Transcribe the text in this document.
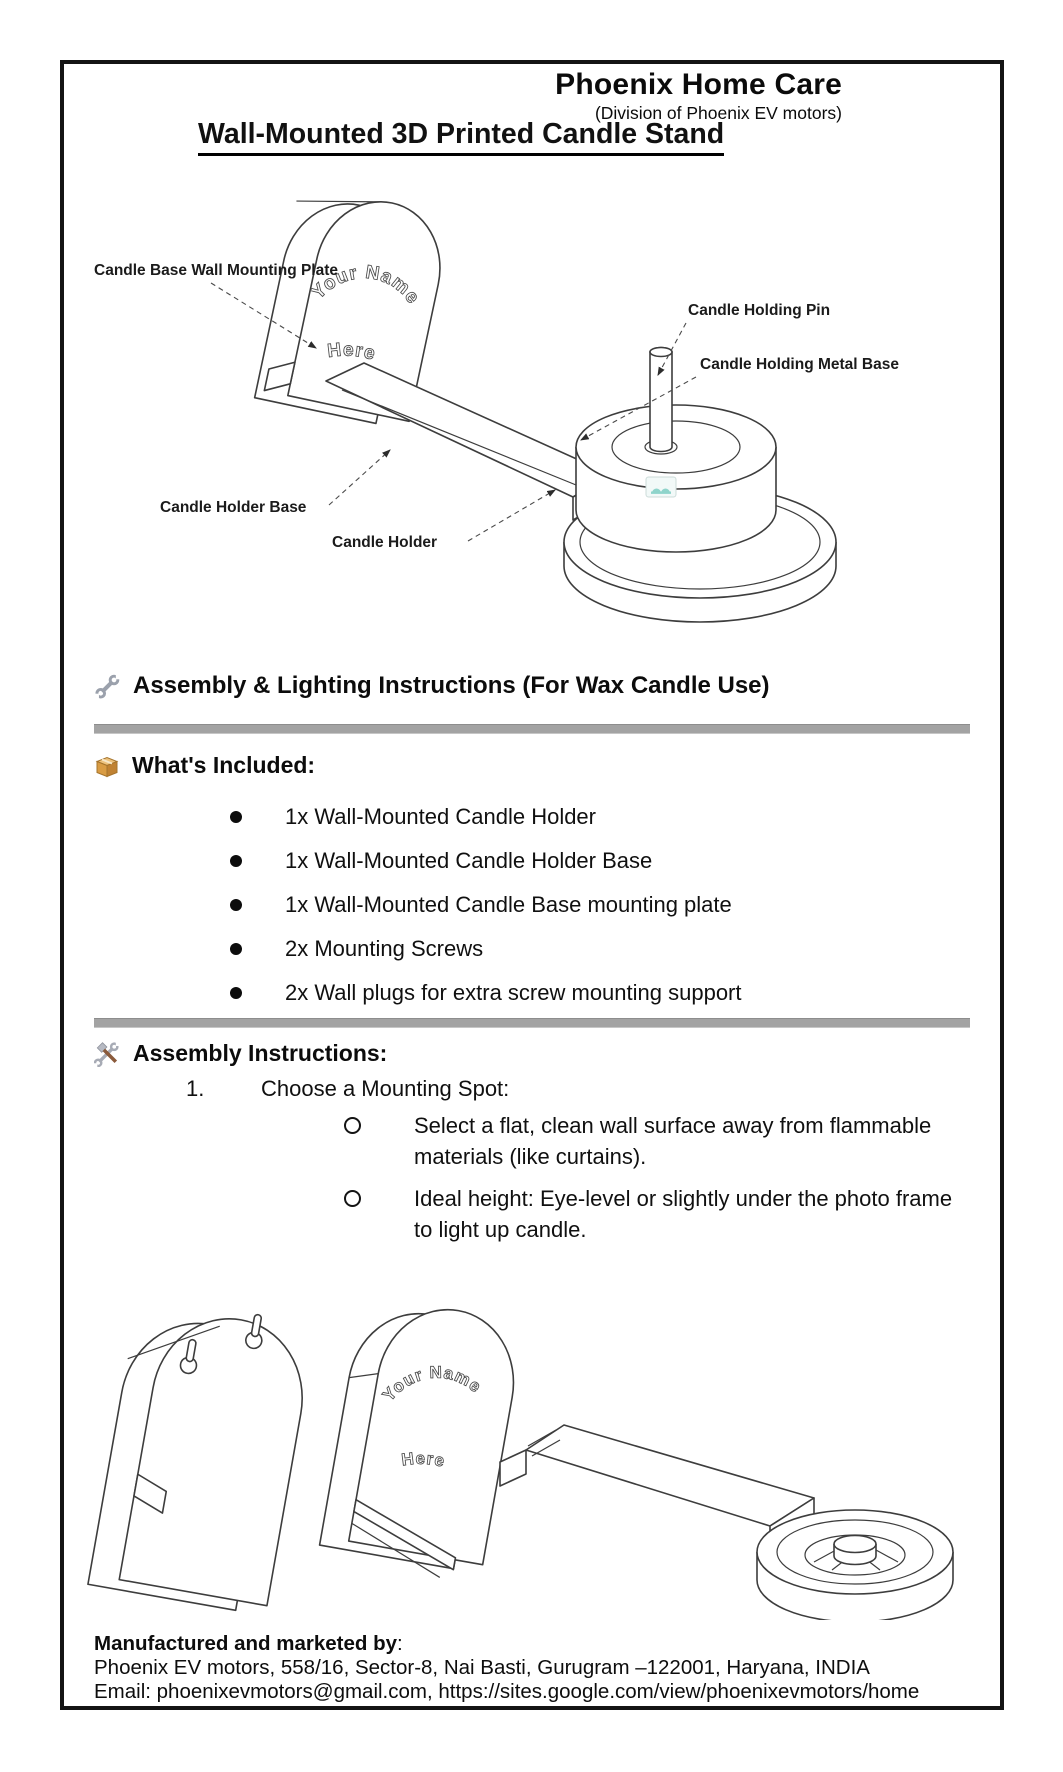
Phoenix Home Care
(Division of Phoenix EV motors)
Wall-Mounted 3D Printed Candle Stand
Your Name
Here
Candle Base Wall Mounting Plate
Candle Holding Pin
Candle Holding Metal Base
Candle Holder Base
Candle Holder
Assembly & Lighting Instructions (For Wax Candle Use)
What's Included:
1x Wall-Mounted Candle Holder
1x Wall-Mounted Candle Holder Base
1x Wall-Mounted Candle Base mounting plate
2x Mounting Screws
2x Wall plugs for extra screw mounting support
Assembly Instructions:
1.	Choose a Mounting Spot:
Select a flat, clean wall surface away from flammable materials (like curtains).
Ideal height: Eye-level or slightly under the photo frame to light up candle.
Your Name
Here
Manufactured and marketed by:
Phoenix EV motors, 558/16, Sector-8, Nai Basti, Gurugram –122001, Haryana, INDIA
Email: phoenixevmotors@gmail.com, https://sites.google.com/view/phoenixevmotors/home
